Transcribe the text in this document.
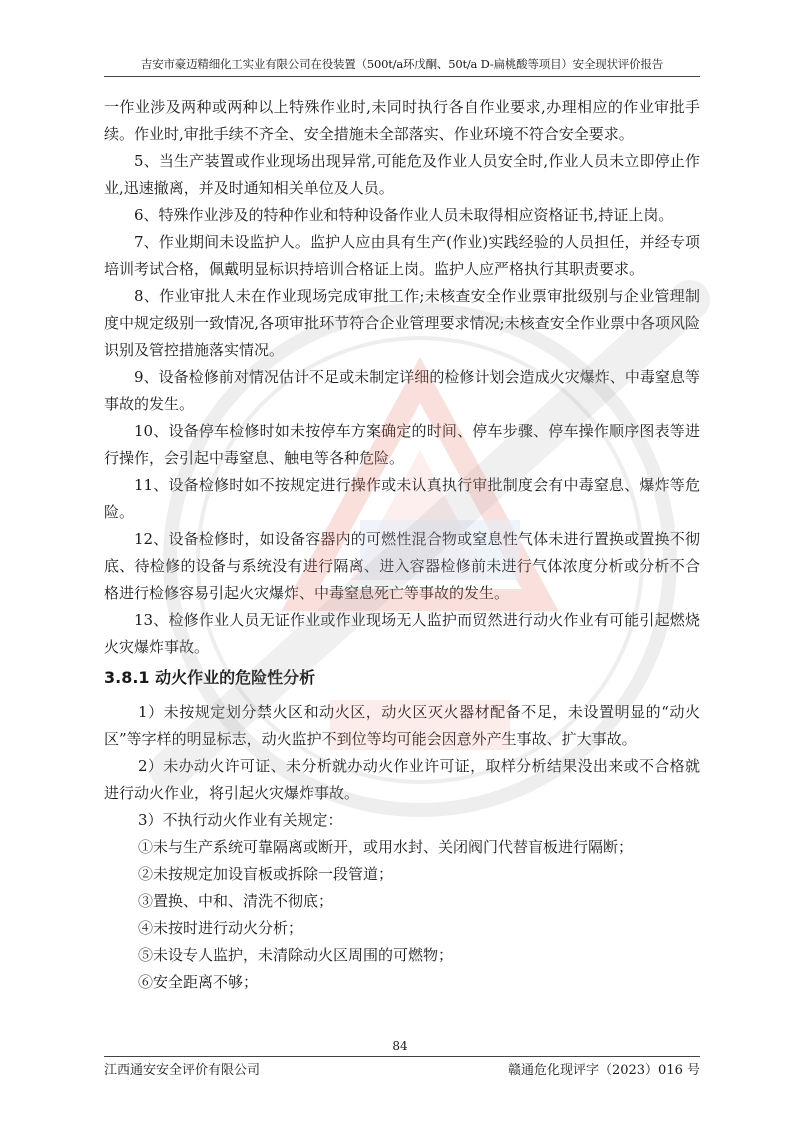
吉安市豪迈精细化工实业有限公司在役装置（500t/a环戊酮、50t/a D-扁桃酸等项目）安全现状评价报告

一作业涉及两种或两种以上特殊作业时,未同时执行各自作业要求,办理相应的作业审批手续。作业时,审批手续不齐全、安全措施未全部落实、作业环境不符合安全要求。

5、当生产装置或作业现场出现异常,可能危及作业人员安全时,作业人员未立即停止作业,迅速撤离，并及时通知相关单位及人员。

6、特殊作业涉及的特种作业和特种设备作业人员未取得相应资格证书,持证上岗。

7、作业期间未设监护人。监护人应由具有生产(作业)实践经验的人员担任，并经专项培训考试合格，佩戴明显标识持培训合格证上岗。监护人应严格执行其职责要求。

8、作业审批人未在作业现场完成审批工作;未核查安全作业票审批级别与企业管理制度中规定级别一致情况,各项审批环节符合企业管理要求情况;未核查安全作业票中各项风险识别及管控措施落实情况。

9、设备检修前对情况估计不足或未制定详细的检修计划会造成火灾爆炸、中毒窒息等事故的发生。

10、设备停车检修时如未按停车方案确定的时间、停车步骤、停车操作顺序图表等进行操作，会引起中毒窒息、触电等各种危险。

11、设备检修时如不按规定进行操作或未认真执行审批制度会有中毒窒息、爆炸等危险。

12、设备检修时，如设备容器内的可燃性混合物或窒息性气体未进行置换或置换不彻底、待检修的设备与系统没有进行隔离、进入容器检修前未进行气体浓度分析或分析不合格进行检修容易引起火灾爆炸、中毒窒息死亡等事故的发生。

13、检修作业人员无证作业或作业现场无人监护而贸然进行动火作业有可能引起燃烧火灾爆炸事故。

3.8.1 动火作业的危险性分析

1）未按规定划分禁火区和动火区，动火区灭火器材配备不足，未设置明显的“动火区”等字样的明显标志，动火监护不到位等均可能会因意外产生事故、扩大事故。

2）未办动火许可证、未分析就办动火作业许可证，取样分析结果没出来或不合格就进行动火作业，将引起火灾爆炸事故。

3）不执行动火作业有关规定：

①未与生产系统可靠隔离或断开，或用水封、关闭阀门代替盲板进行隔断；

②未按规定加设盲板或拆除一段管道；

③置换、中和、清洗不彻底；

④未按时进行动火分析；

⑤未设专人监护，未清除动火区周围的可燃物；

⑥安全距离不够；

84
江西通安安全评价有限公司	赣通危化现评字（2023）016 号
